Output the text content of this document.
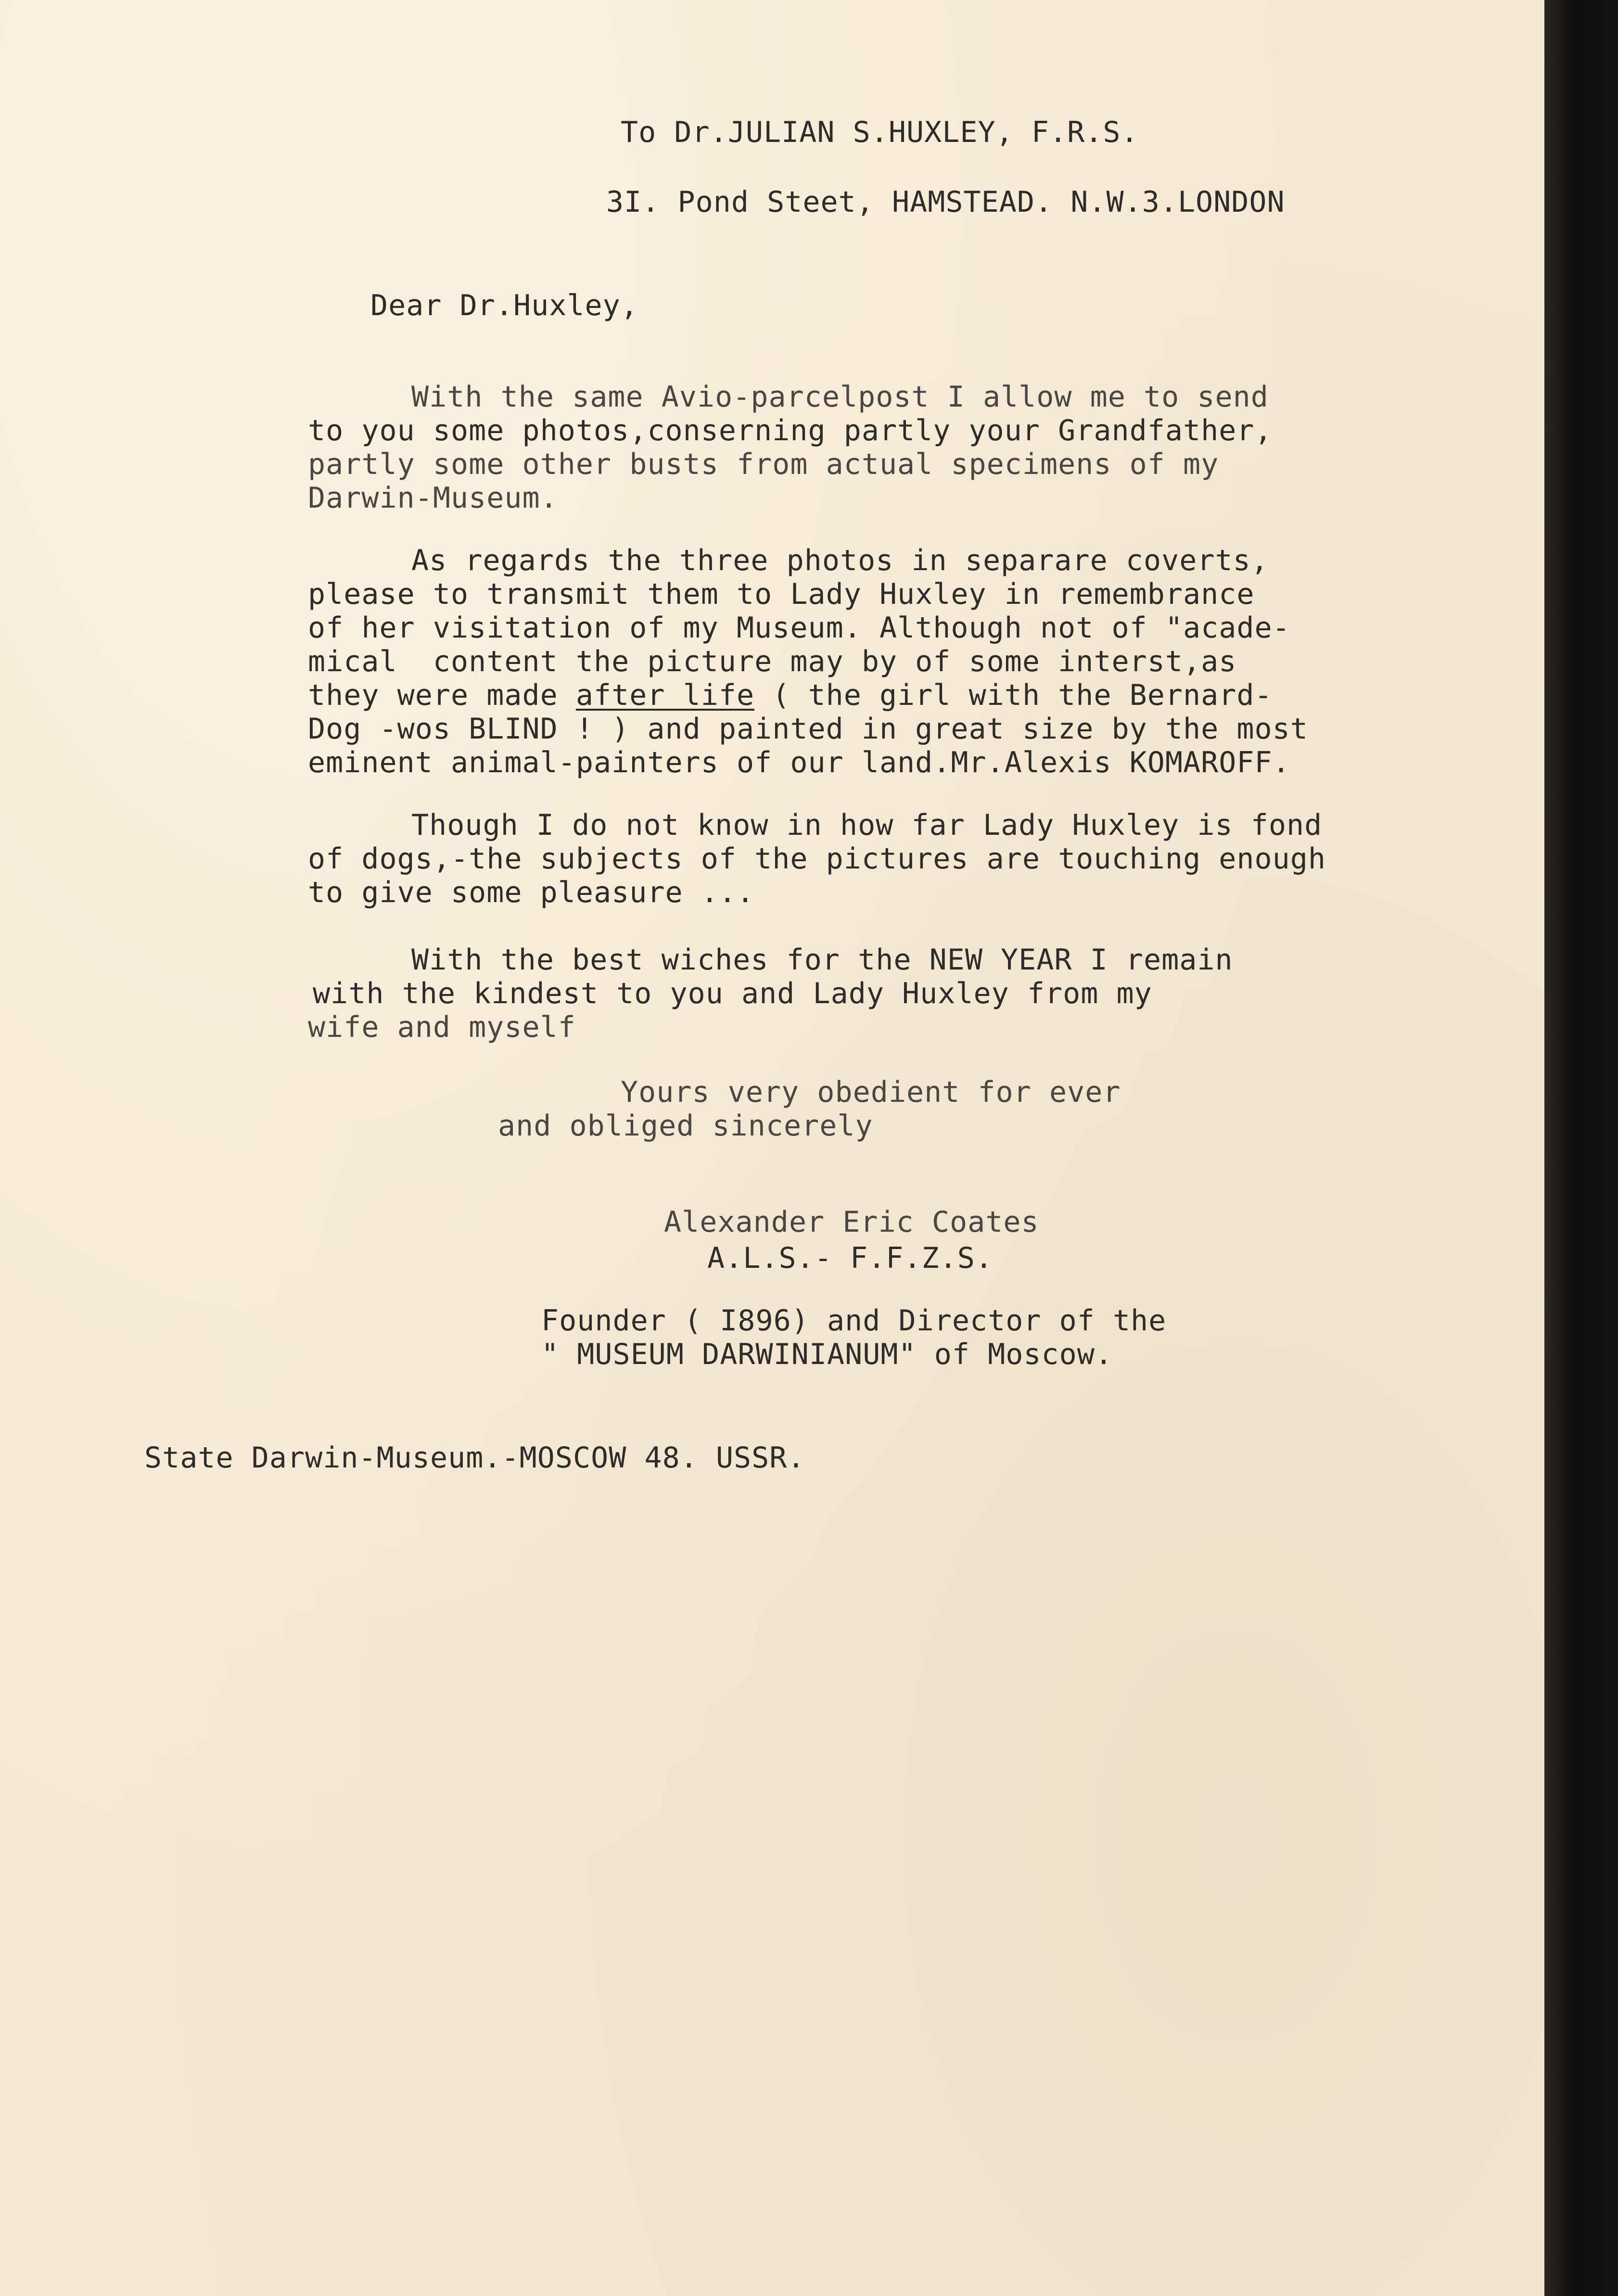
To Dr.JULIAN S.HUXLEY, F.R.S.

3I. Pond Steet, HAMSTEAD. N.W.3.LONDON

Dear Dr.Huxley,

With the same Avio-parcelpost I allow me to send

to you some photos,conserning partly your Grandfather,

partly some other busts from actual specimens of my

Darwin-Museum.

As regards the three photos in separare coverts,

please to transmit them to Lady Huxley in remembrance

of her visitation of my Museum. Although not of "acade-

mical  content the picture may by of some interst,as

they were made after life ( the girl with the Bernard-

Dog -wos BLIND ! ) and painted in great size by the most

eminent animal-painters of our land.Mr.Alexis KOMAROFF.

Though I do not know in how far Lady Huxley is fond

of dogs,-the subjects of the pictures are touching enough

to give some pleasure ...

With the best wiches for the NEW YEAR I remain

with the kindest to you and Lady Huxley from my

wife and myself

Yours very obedient for ever

and obliged sincerely

Alexander Eric Coates

A.L.S.- F.F.Z.S.

Founder ( I896) and Director of the

" MUSEUM DARWINIANUM" of Moscow.

State Darwin-Museum.-MOSCOW 48. USSR.
